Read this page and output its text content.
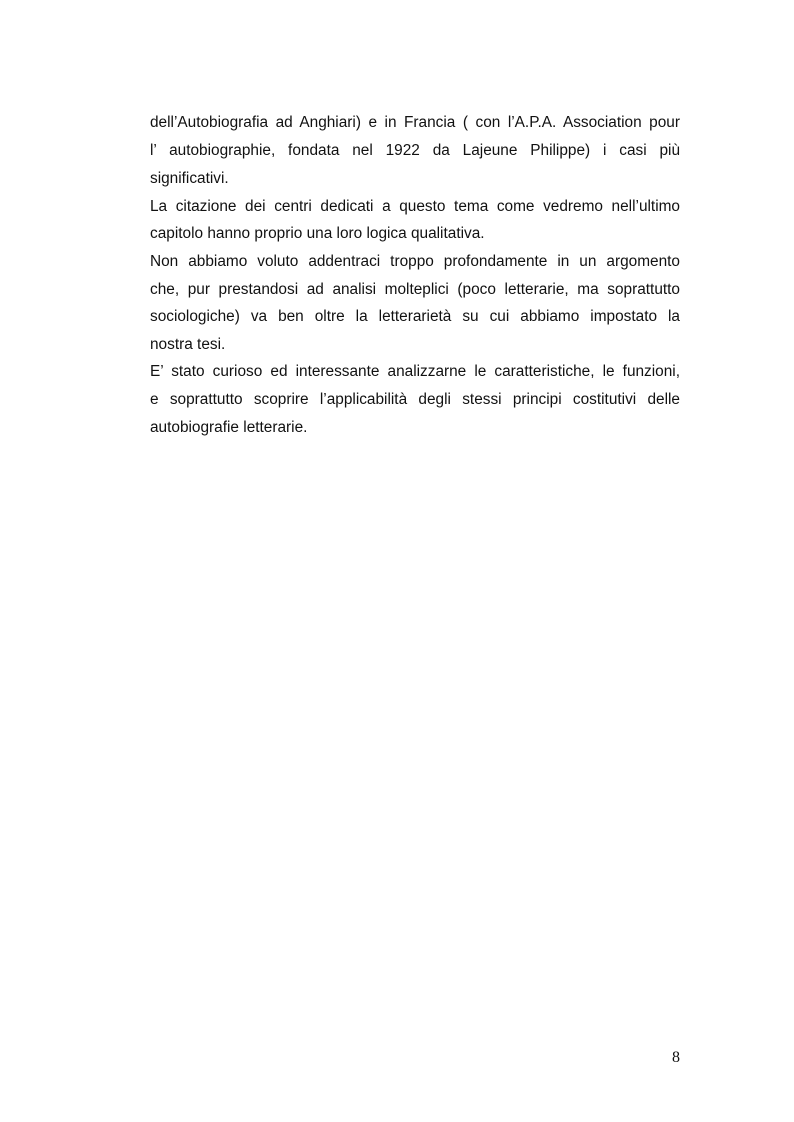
dell’Autobiografia ad Anghiari) e in Francia ( con l’A.P.A. Association pour
l’ autobiographie, fondata nel 1922 da Lajeune Philippe) i casi più
significativi.
La citazione dei centri dedicati a questo tema come vedremo nell’ultimo
capitolo hanno proprio una loro logica qualitativa.
Non abbiamo voluto addentraci troppo profondamente in un argomento
che, pur prestandosi ad analisi molteplici (poco letterarie, ma soprattutto
sociologiche) va ben oltre la letterarietà su cui abbiamo impostato la
nostra tesi.
E’ stato curioso ed interessante analizzarne le caratteristiche, le funzioni,
e soprattutto scoprire l’applicabilità degli stessi principi costitutivi delle
autobiografie letterarie.
8
